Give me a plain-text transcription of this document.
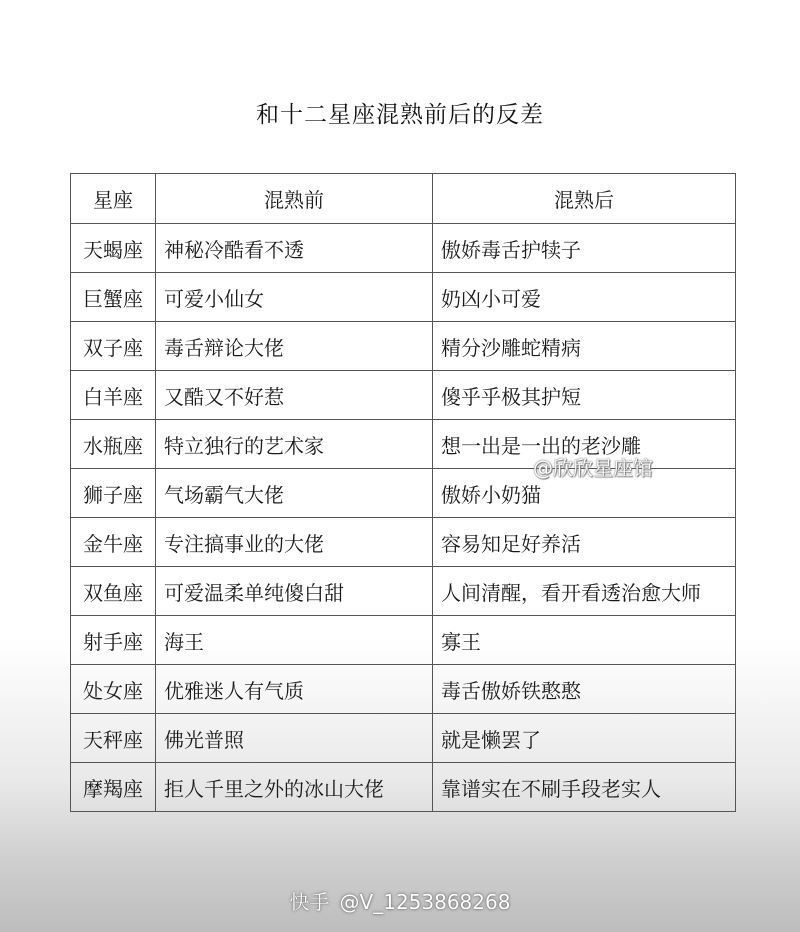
和十二星座混熟前后的反差
星座	混熟前	混熟后
天蝎座	神秘冷酷看不透	傲娇毒舌护犊子
巨蟹座	可爱小仙女	奶凶小可爱
双子座	毒舌辩论大佬	精分沙雕蛇精病
白羊座	又酷又不好惹	傻乎乎极其护短
水瓶座	特立独行的艺术家	想一出是一出的老沙雕
狮子座	气场霸气大佬	傲娇小奶猫
金牛座	专注搞事业的大佬	容易知足好养活
双鱼座	可爱温柔单纯傻白甜	人间清醒，看开看透治愈大师
射手座	海王	寡王
处女座	优雅迷人有气质	毒舌傲娇铁憨憨
天秤座	佛光普照	就是懒罢了
摩羯座	拒人千里之外的冰山大佬	靠谱实在不刷手段老实人
@欣欣星座馆
快手 @V_1253868268
